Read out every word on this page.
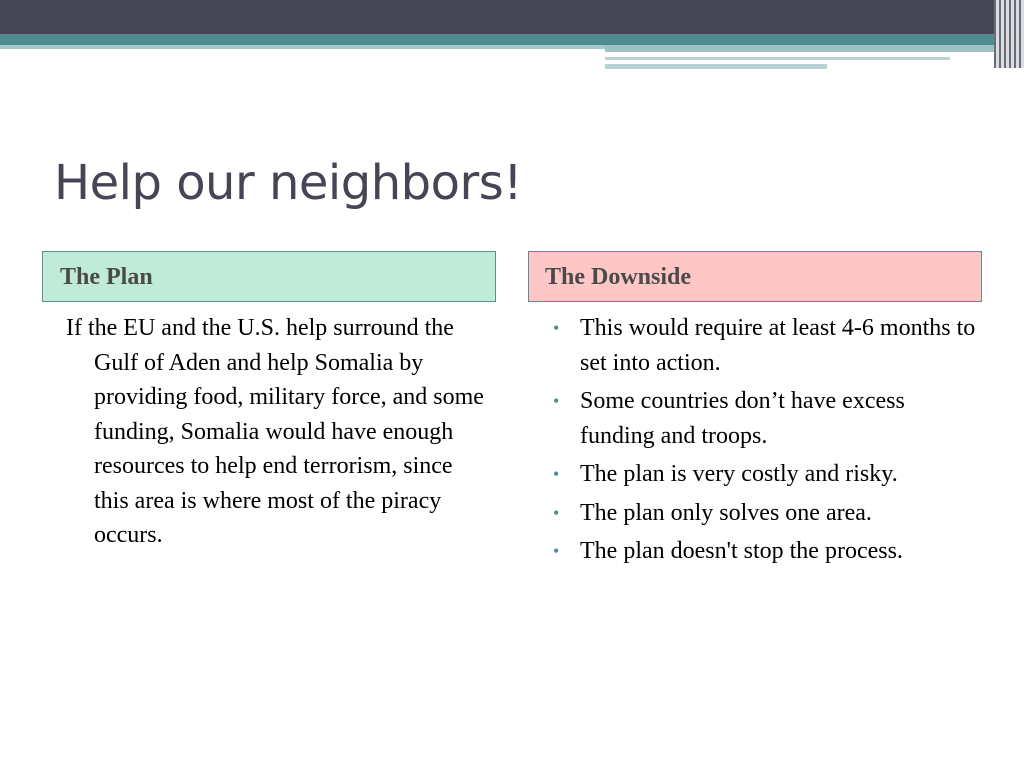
Help our neighbors!
The Plan	The Downside

If the EU and the U.S. help surround the Gulf of Aden and help Somalia by providing food, military force, and some funding, Somalia would have enough resources to help end terrorism, since this area is where most of the piracy occurs.

• This would require at least 4-6 months to set into action.
• Some countries don’t have excess funding and troops.
• The plan is very costly and risky.
• The plan only solves one area.
• The plan doesn't stop the process.
